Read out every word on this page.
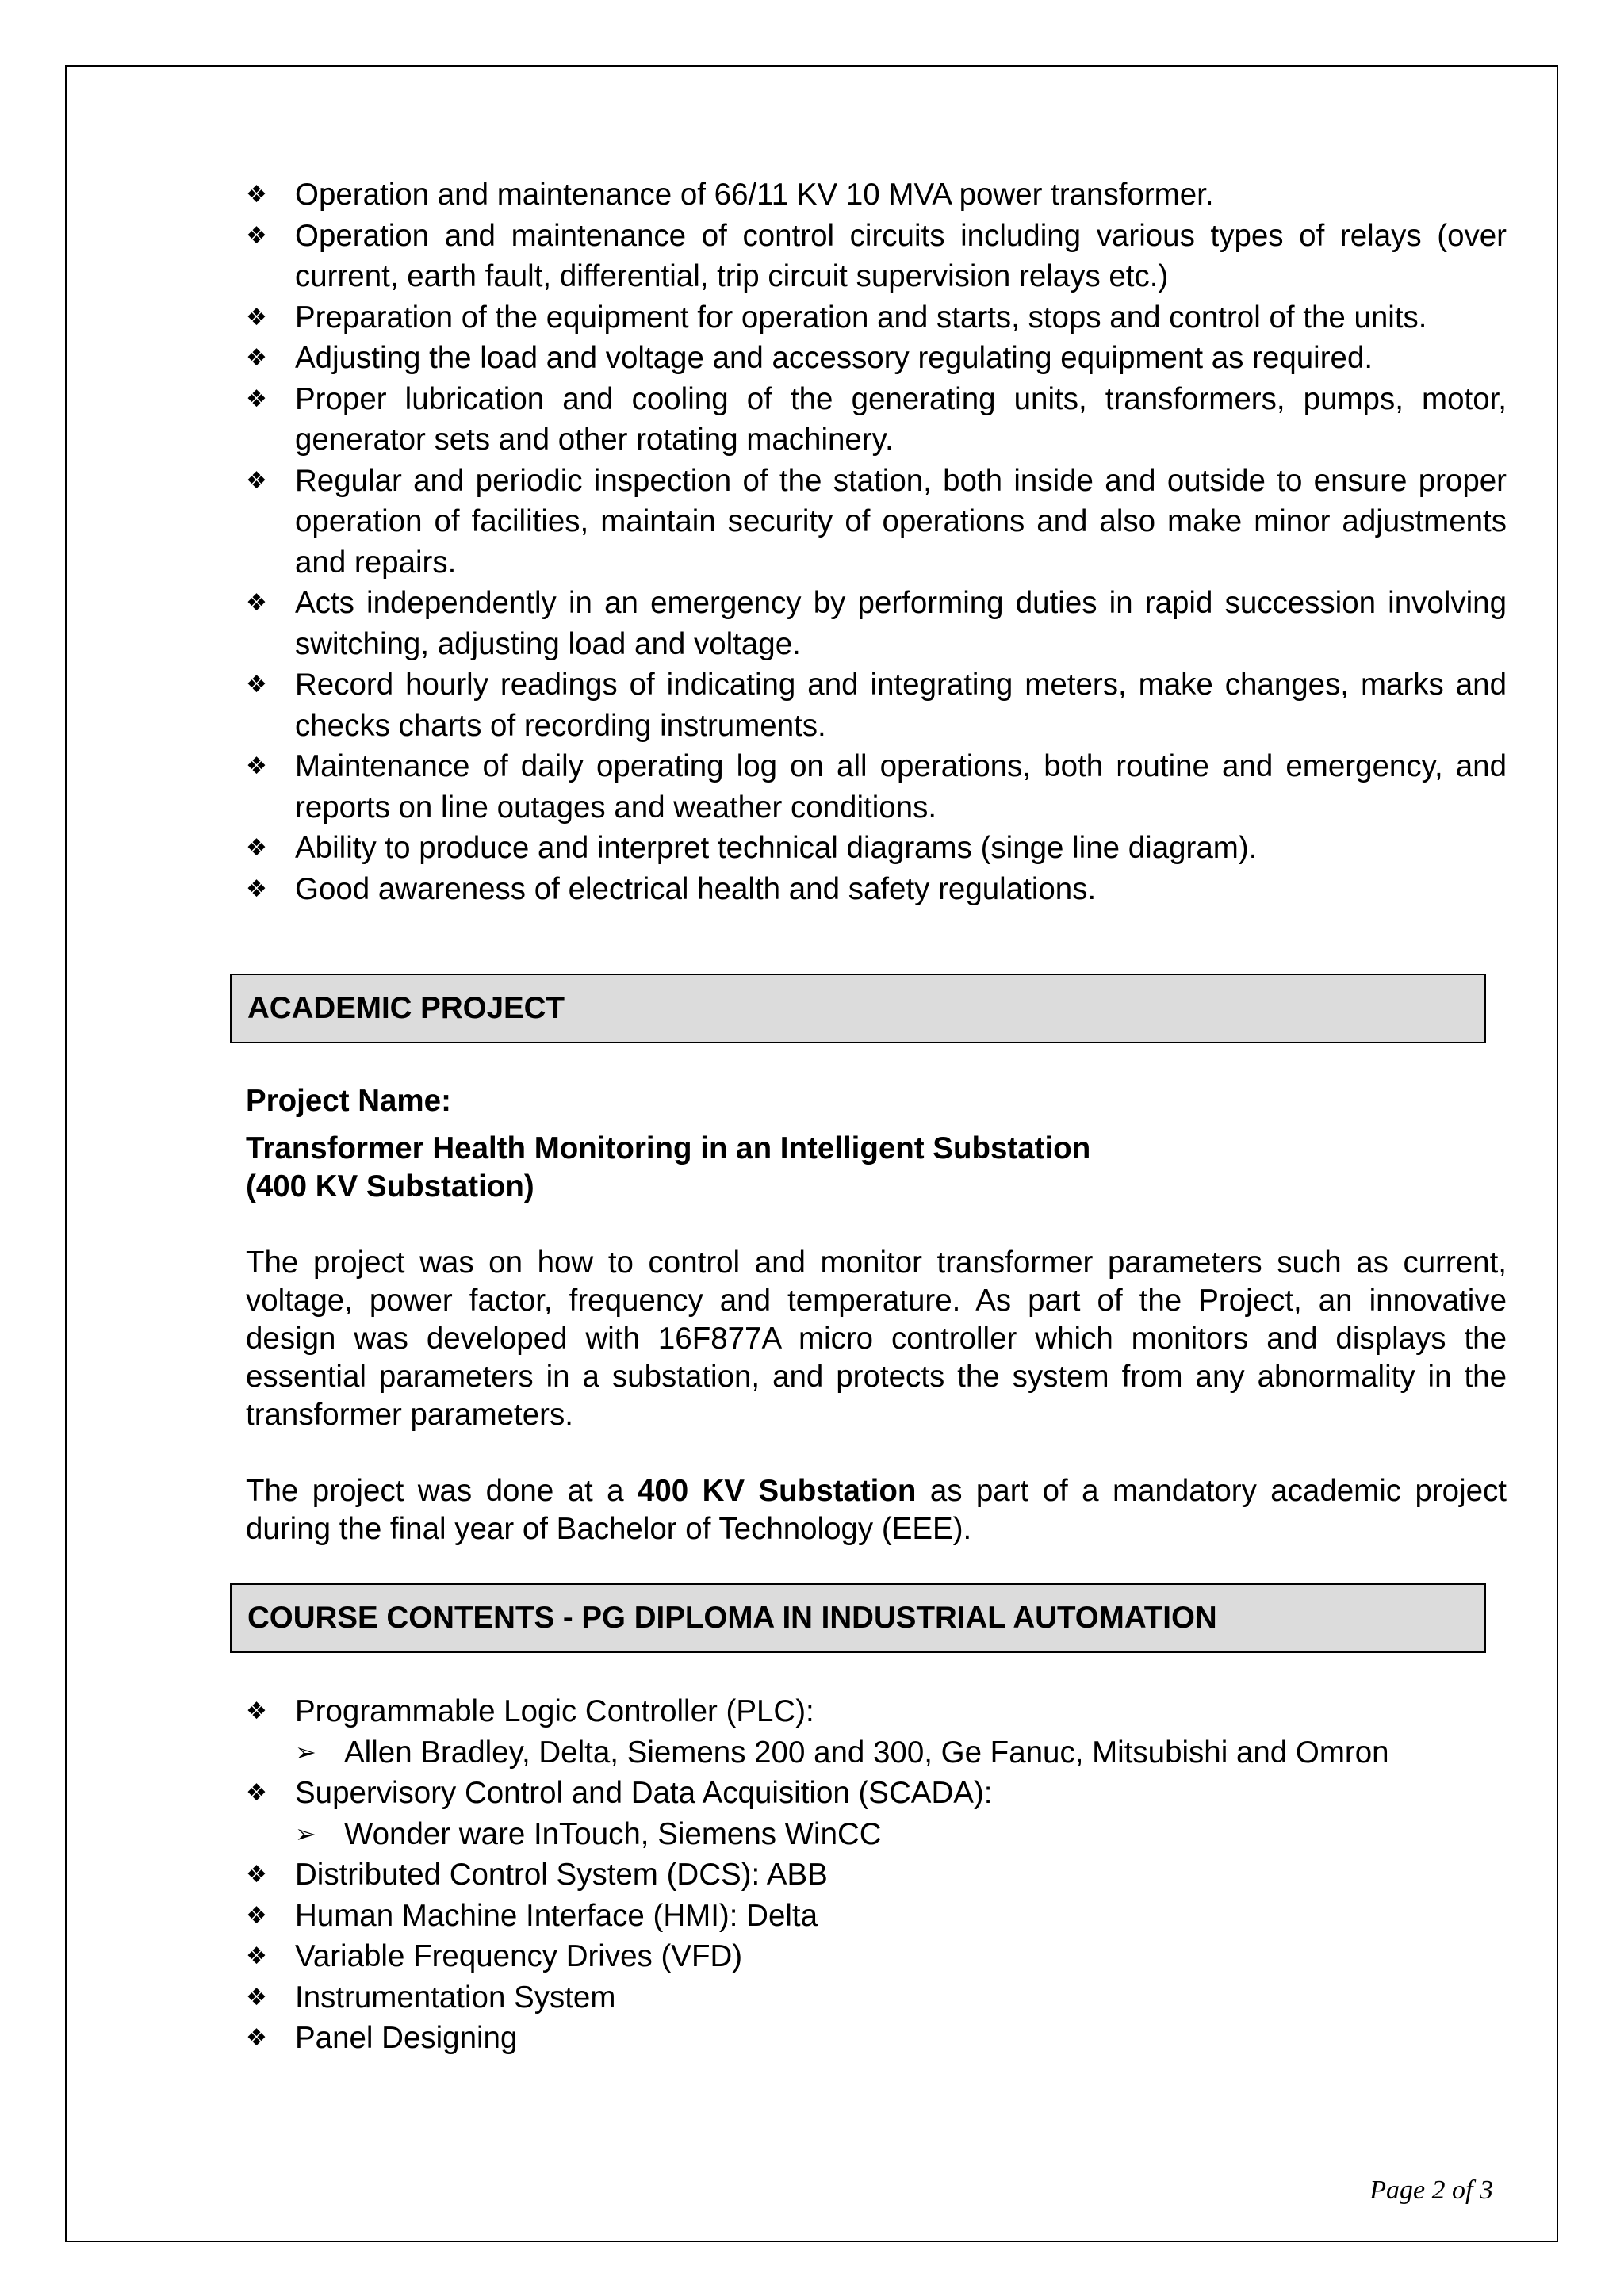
❖ Operation and maintenance of 66/11 KV 10 MVA power transformer.
❖ Operation and maintenance of control circuits including various types of relays (over current, earth fault, differential, trip circuit supervision relays etc.)
❖ Preparation of the equipment for operation and starts, stops and control of the units.
❖ Adjusting the load and voltage and accessory regulating equipment as required.
❖ Proper lubrication and cooling of the generating units, transformers, pumps, motor, generator sets and other rotating machinery.
❖ Regular and periodic inspection of the station, both inside and outside to ensure proper operation of facilities, maintain security of operations and also make minor adjustments and repairs.
❖ Acts independently in an emergency by performing duties in rapid succession involving switching, adjusting load and voltage.
❖ Record hourly readings of indicating and integrating meters, make changes, marks and checks charts of recording instruments.
❖ Maintenance of daily operating log on all operations, both routine and emergency, and reports on line outages and weather conditions.
❖ Ability to produce and interpret technical diagrams (singe line diagram).
❖ Good awareness of electrical health and safety regulations.
ACADEMIC PROJECT

Project Name:

Transformer Health Monitoring in an Intelligent Substation

(400 KV Substation)

The project was on how to control and monitor transformer parameters such as current, voltage, power factor, frequency and temperature. As part of the Project, an innovative design was developed with 16F877A micro controller which monitors and displays the essential parameters in a substation, and protects the system from any abnormality in the transformer parameters.

The project was done at a 400 KV Substation as part of a mandatory academic project during the final year of Bachelor of Technology (EEE).

COURSE CONTENTS - PG DIPLOMA IN INDUSTRIAL AUTOMATION
❖ Programmable Logic Controller (PLC):
➢ Allen Bradley, Delta, Siemens 200 and 300, Ge Fanuc, Mitsubishi and Omron
❖ Supervisory Control and Data Acquisition (SCADA):
➢ Wonder ware InTouch, Siemens WinCC
❖ Distributed Control System (DCS): ABB
❖ Human Machine Interface (HMI): Delta
❖ Variable Frequency Drives (VFD)
❖ Instrumentation System
❖ Panel Designing
Page 2 of 3
